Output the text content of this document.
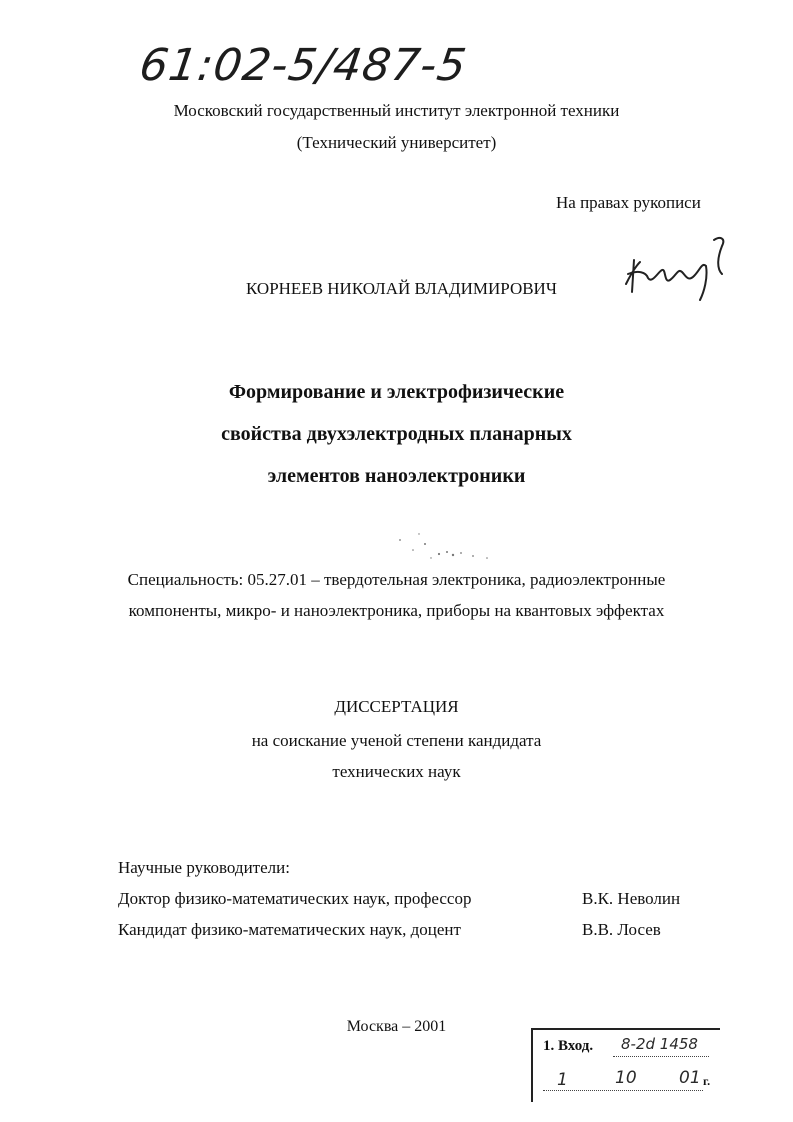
61:02-5/487-5
Московский государственный институт электронной техники
(Технический университет)
На правах рукописи
КОРНЕЕВ НИКОЛАЙ ВЛАДИМИРОВИЧ
Формирование и электрофизические
свойства двухэлектродных планарных
элементов наноэлектроники
Специальность: 05.27.01 – твердотельная электроника, радиоэлектронные
компоненты, микро- и наноэлектроника, приборы на квантовых эффектах
ДИССЕРТАЦИЯ
на соискание ученой степени кандидата
технических наук
Научные руководители:
Доктор физико-математических наук, профессор	В.К. Неволин
Кандидат физико-математических наук, доцент	В.В. Лосев
Москва – 2001
1. Вход. 8-2d 1458
1	10 01 г.
